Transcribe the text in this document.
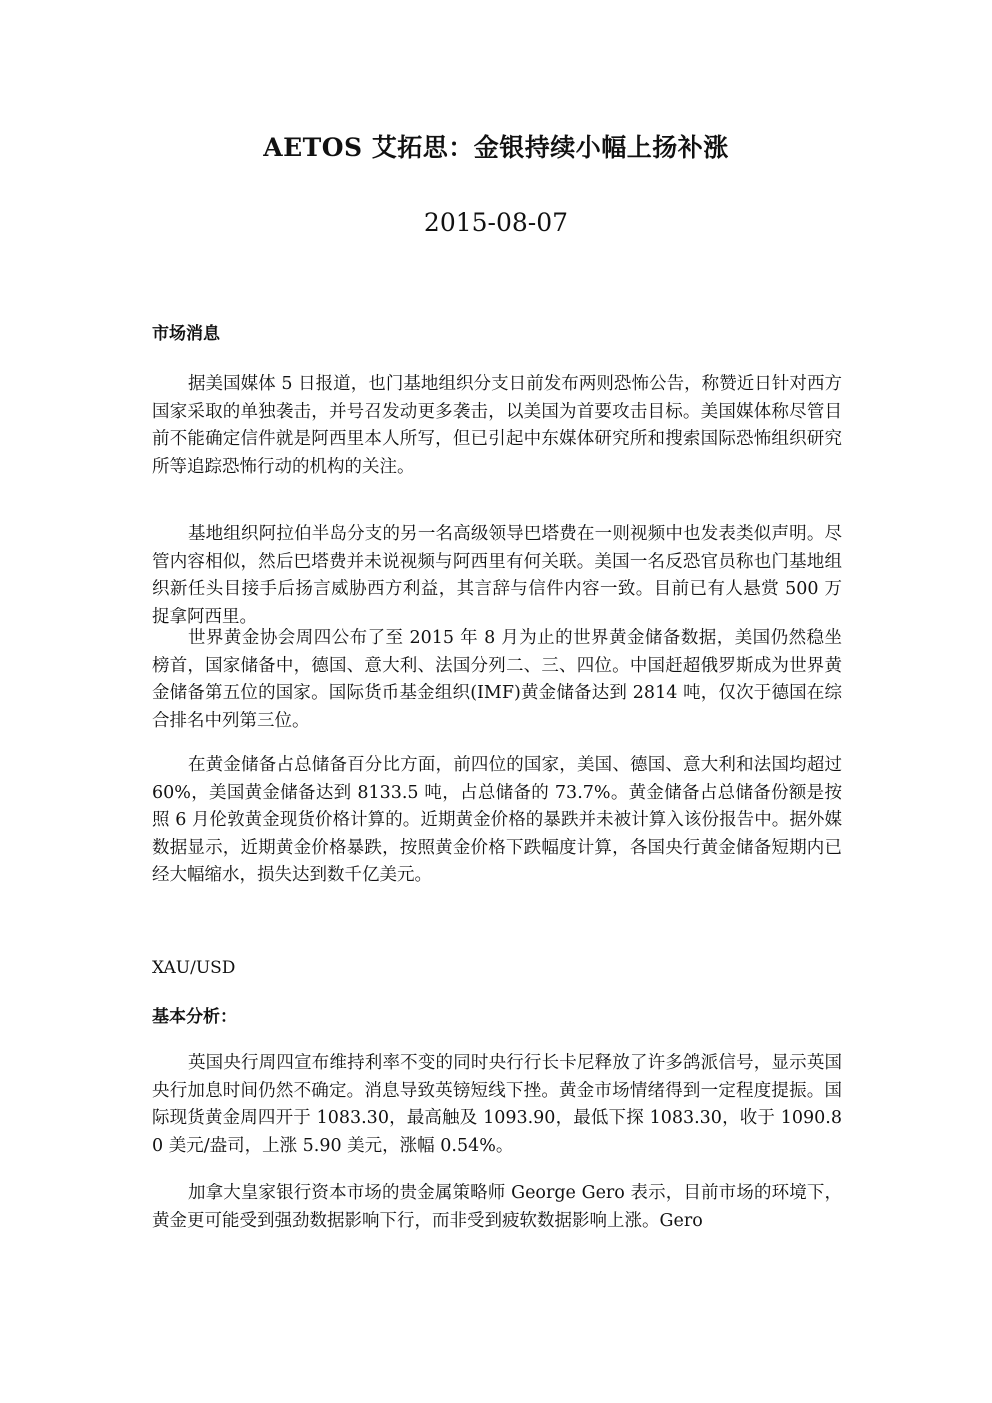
AETOS 艾拓思：金银持续小幅上扬补涨
2015-08-07
市场消息
据美国媒体 5 日报道，也门基地组织分支日前发布两则恐怖公告，称赞近日针对西方国家采取的单独袭击，并号召发动更多袭击，以美国为首要攻击目标。美国媒体称尽管目前不能确定信件就是阿西里本人所写，但已引起中东媒体研究所和搜索国际恐怖组织研究所等追踪恐怖行动的机构的关注。
基地组织阿拉伯半岛分支的另一名高级领导巴塔费在一则视频中也发表类似声明。尽管内容相似，然后巴塔费并未说视频与阿西里有何关联。美国一名反恐官员称也门基地组织新任头目接手后扬言威胁西方利益，其言辞与信件内容一致。目前已有人悬赏 500 万捉拿阿西里。
世界黄金协会周四公布了至 2015 年 8 月为止的世界黄金储备数据，美国仍然稳坐榜首，国家储备中，德国、意大利、法国分列二、三、四位。中国赶超俄罗斯成为世界黄金储备第五位的国家。国际货币基金组织(IMF)黄金储备达到 2814 吨，仅次于德国在综合排名中列第三位。
在黄金储备占总储备百分比方面，前四位的国家，美国、德国、意大利和法国均超过 60%，美国黄金储备达到 8133.5 吨，占总储备的 73.7%。黄金储备占总储备份额是按照 6 月伦敦黄金现货价格计算的。近期黄金价格的暴跌并未被计算入该份报告中。据外媒数据显示，近期黄金价格暴跌，按照黄金价格下跌幅度计算，各国央行黄金储备短期内已经大幅缩水，损失达到数千亿美元。
XAU/USD
基本分析：
英国央行周四宣布维持利率不变的同时央行行长卡尼释放了许多鸽派信号，显示英国央行加息时间仍然不确定。消息导致英镑短线下挫。黄金市场情绪得到一定程度提振。国际现货黄金周四开于 1083.30，最高触及 1093.90，最低下探 1083.30，收于 1090.80 美元/盎司，上涨 5.90 美元，涨幅 0.54%。
加拿大皇家银行资本市场的贵金属策略师 George Gero 表示，目前市场的环境下，黄金更可能受到强劲数据影响下行，而非受到疲软数据影响上涨。Gero
